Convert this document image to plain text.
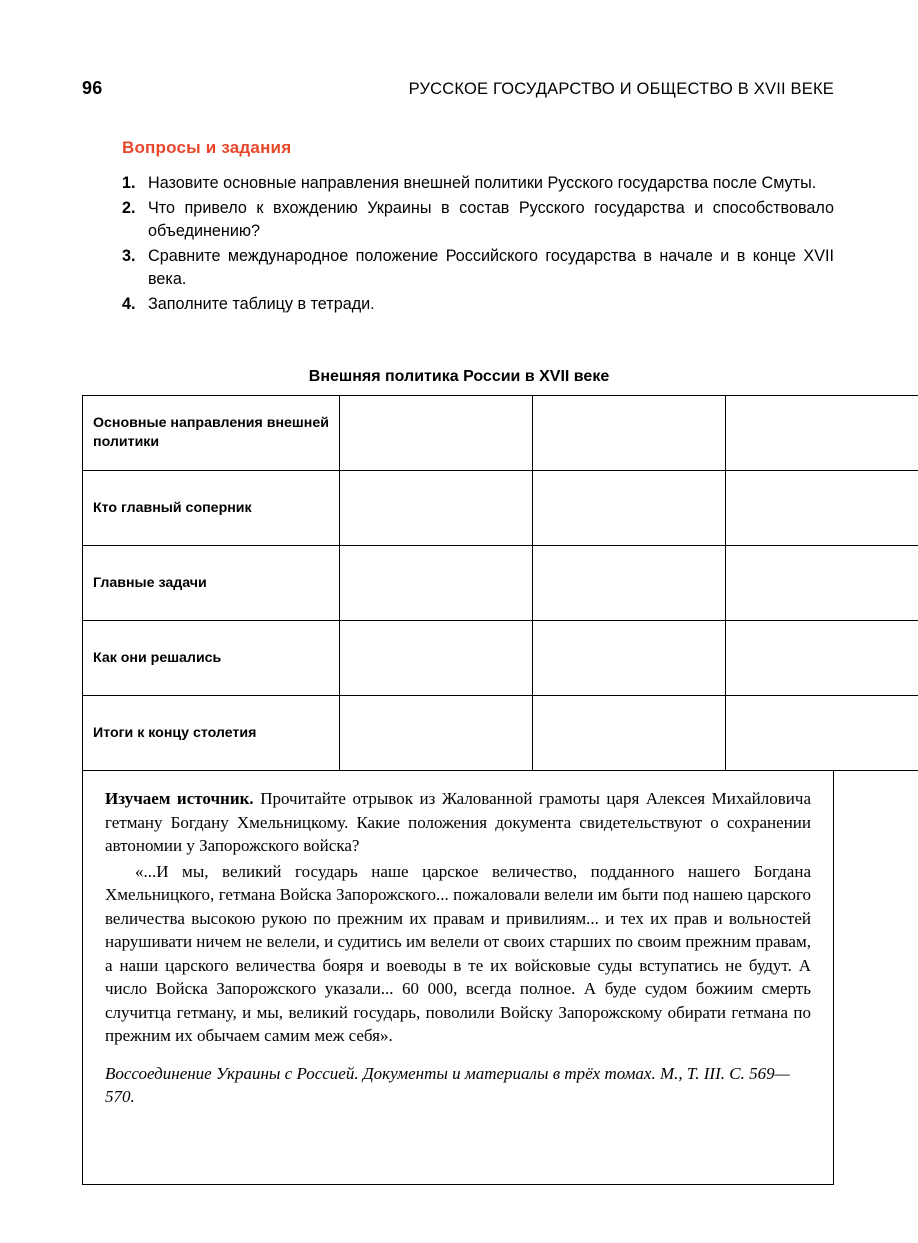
96	РУССКОЕ ГОСУДАРСТВО И ОБЩЕСТВО В XVII ВЕКЕ
Вопросы и задания
1. Назовите основные направления внешней политики Русского государства после Смуты.
2. Что привело к вхождению Украины в состав Русского государства и способствовало объединению?
3. Сравните международное положение Российского государства в начале и в конце XVII века.
4. Заполните таблицу в тетради.
Внешняя политика России в XVII веке
Основные направления внешней политики			
Кто главный соперник			
Главные задачи			
Как они решались			
Итоги к концу столетия			

Изучаем источник. Прочитайте отрывок из Жалованной грамоты царя Алексея Михайловича гетману Богдану Хмельницкому. Какие положения документа свидетельствуют о сохранении автономии у Запорожского войска?

«...И мы, великий государь наше царское величество, подданного нашего Богдана Хмельницкого, гетмана Войска Запорожского... пожаловали велели им быти под нашею царского величества высокою рукою по прежним их правам и привилиям... и тех их прав и вольностей нарушивати ничем не велели, и судитись им велели от своих старших по своим прежним правам, а наши царского величества бояря и воеводы в те их войсковые суды вступатись не будут. А число Войска Запорожского указали... 60 000, всегда полное. А буде судом божиим смерть случитца гетману, и мы, великий государь, поволили Войску Запорожскому обирати гетмана по прежним их обычаем самим меж себя».

Воссоединение Украины с Россией. Документы и материалы в трёх томах. М., Т. III. С. 569—570.
